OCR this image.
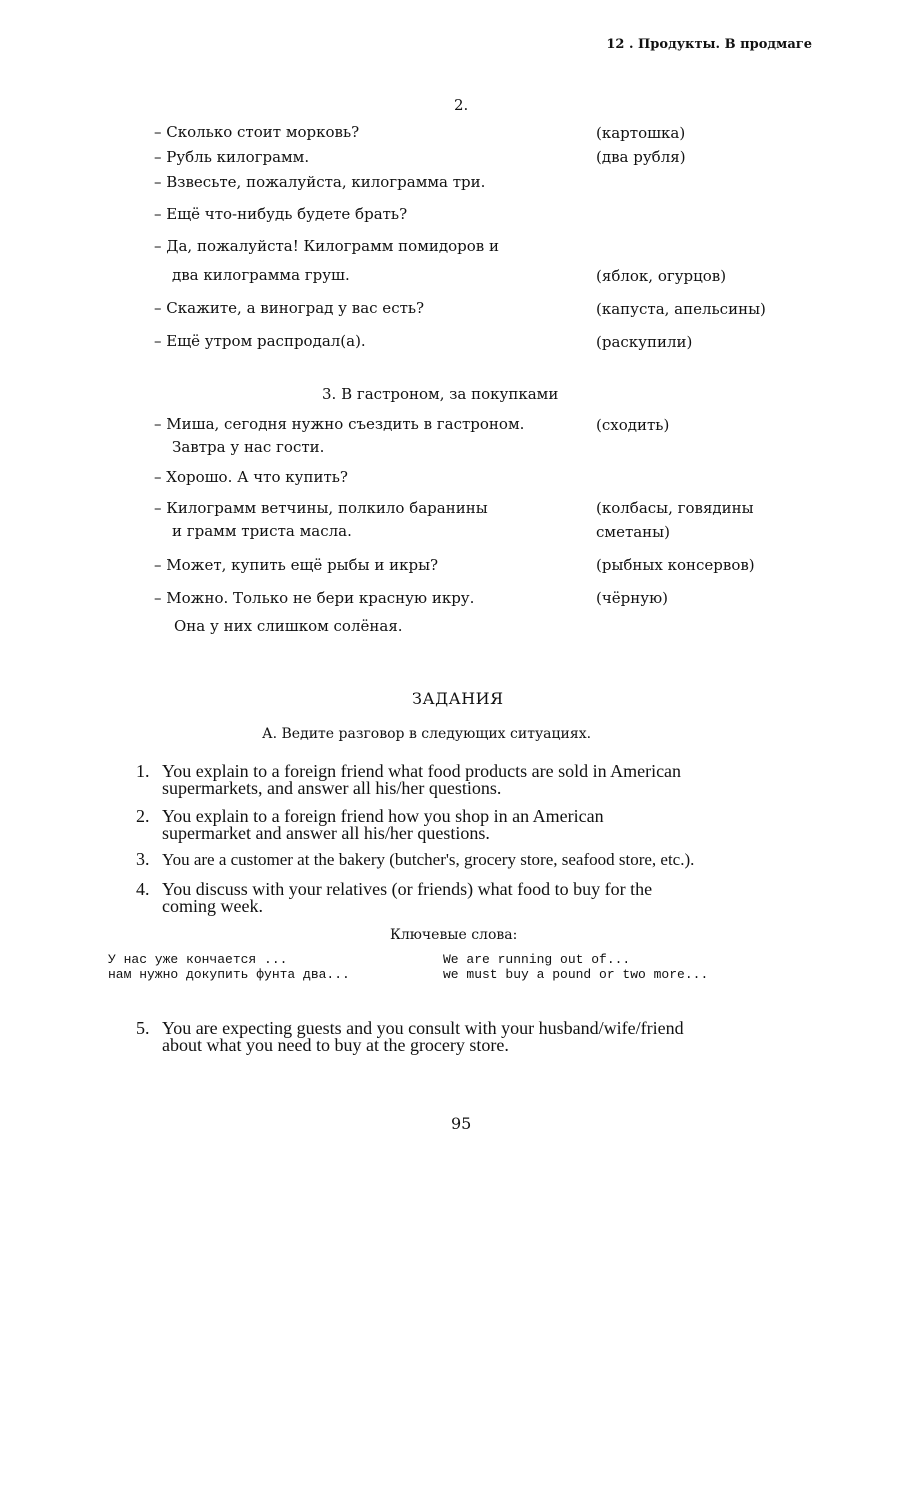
12 . Продукты. В продмаге
2.
– Сколько стоит морковь?
– Рубль килограмм.
– Взвесьте, пожалуйста, килограмма три.
– Ещё что-нибудь будете брать?
– Да, пожалуйста! Килограмм помидоров и
два килограмма груш.
– Скажите, а виноград у вас есть?
– Ещё утром распродал(а).
(картошка)
(два рубля)
(яблок, огурцов)
(капуста, апельсины)
(раскупили)
3. В гастроном, за покупками
– Миша, сегодня нужно съездить в гастроном.
Завтра у нас гости.
– Хорошо. А что купить?
– Килограмм ветчины, полкило баранины
и грамм триста масла.
– Может, купить ещё рыбы и икры?
– Можно. Только не бери красную икру.
Она у них слишком солёная.
(сходить)
(колбасы, говядины
сметаны)
(рыбных консервов)
(чёрную)
ЗАДАНИЯ
А. Ведите разговор в следующих ситуациях.
1. You explain to a foreign friend what food products are sold in American
supermarkets, and answer all his/her questions.
2. You explain to a foreign friend how you shop in an American
supermarket and answer all his/her questions.
3. You are a customer at the bakery (butcher's, grocery store, seafood store, etc.).
4. You discuss with your relatives (or friends) what food to buy for the
coming week.
Ключевые слова:
У нас уже кончается ...
нам нужно докупить фунта два...
We are running out of...
we must buy a pound or two more...
5. You are expecting guests and you consult with your husband/wife/friend
about what you need to buy at the grocery store.
95
